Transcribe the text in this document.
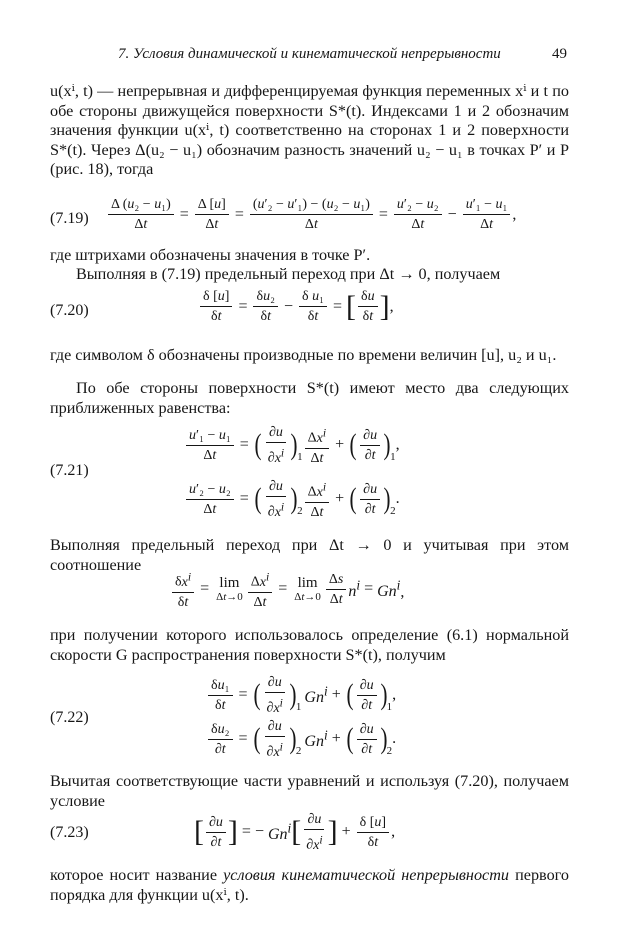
7. Условия динамической и кинематической непрерывности	49
u(xⁱ, t) — непрерывная и дифференцируемая функция переменных xⁱ и t по обе стороны движущейся поверхности S*(t). Индексами 1 и 2 обозначим значения функции u(xⁱ, t) соответственно на сторонах 1 и 2 поверхности S*(t). Через Δ(u₂ − u₁) обозначим разность значений u₂ − u₁ в точках P′ и P (рис. 18), тогда
$(7.19) \frac{\text{Δ (u₂ − u₁)}}{\Delta t} = \frac{\Delta [u]}{\Delta t} = \frac{\text{(u′₂ − u′₁) − (u₂ − u₁)}}{\Delta t} = \frac{\text{u′₂ − u₂}}{\Delta t} - \frac{\text{u′₁ − u₁}}{\Delta t}$ ,
где штрихами обозначены значения в точке P′.
Выполняя в (7.19) предельный переход при Δt → 0, получаем
(7.20)	$\frac{\delta [u]}{\delta t} = \frac{\text{δu₂}}{\delta t} - \frac{\text{δ u₁}}{\delta t}$ = [ $\frac{\delta u}{\delta t}$ ] ,
где символом δ обозначены производные по времени величин [u], u₂ и u₁.
По обе стороны поверхности S*(t) имеют место два следующих приближенных равенства:
(7.21)
$\frac{\text{u′₁ − u₁}}{\Delta t}$ = ( $\frac{\partial u}{\partial x^i}$ ) $1 \frac{\Delta x^i}{\Delta t}$ + ( $\frac{\partial u}{\partial t}$ ) 1
,
$\frac{\text{u′₂ − u₂}}{\Delta t}$ = ( $\frac{\partial u}{\partial x^i}$ ) $2 \frac{\Delta x^i}{\Delta t}$ + ( $\frac{\partial u}{\partial t}$ ) 2
.
Выполняя предельный переход при Δt → 0 и учитывая при этом соотношение
$\frac{\delta x^i}{\delta t} = \lim$
$\Delta t\to 0 \frac{\Delta x^i}{\Delta t} = \lim$
$\Delta t\to 0 \frac{\Delta s}{\Delta t} n^i = Gn^i$,
при получении которого использовалось определение (6.1) нормальной скорости G распространения поверхности S*(t), получим
(7.22)
$\frac{\text{δu₁}}{\delta t}$ = ( $\frac{\partial u}{\partial x^i}$ ) 1
$Gn^i$ + ( $\frac{\partial u}{\partial t}$ ) 1
,
$\frac{\text{δu₂}}{\partial t}$ = ( $\frac{\partial u}{\partial x^i}$ ) 2
$Gn^i$ + ( $\frac{\partial u}{\partial t}$ ) 2
.
Вычитая соответствующие части уравнений и используя (7.20), получаем условие
(7.23)	[ $\frac{\partial u}{\partial t}$ ] = − $Gn^i$ [ $\frac{\partial u}{\partial x^i}$ ] + $\frac{\delta [u]}{\delta t}$ ,
которое носит название условия кинематической непрерывности первого порядка для функции u(xⁱ, t).
